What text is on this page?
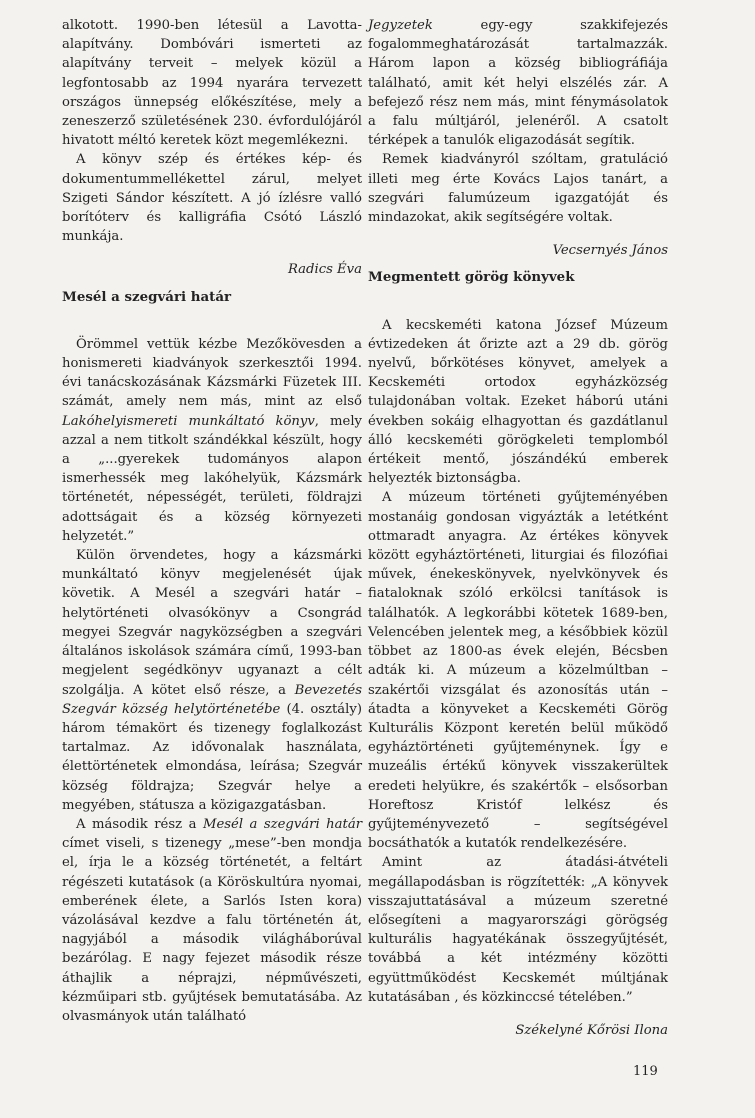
alkotott. 1990-ben létesül a Lavotta-alapítvány. Dombóvári ismerteti az alapítvány terveit – melyek közül a legfontosabb az 1994 nyarára tervezett országos ünnepség előkészítése, mely a zeneszerző születésének 230. évfordulójáról hivatott méltó keretek közt megemlékezni.

A könyv szép és értékes kép- és dokumentummellékettel zárul, melyet Szigeti Sándor készített. A jó ízlésre valló borítóterv és kalligráfia Csótó László munkája.

Radics Éva

Mesél a szegvári határ

Örömmel vettük kézbe Mezőkövesden a honismereti kiadványok szerkesztői 1994. évi tanácskozásának Kázsmárki Füzetek III. számát, amely nem más, mint az első Lakóhelyismereti munkáltató könyv, mely azzal a nem titkolt szándékkal készült, hogy a „...gyerekek tudományos alapon ismerhessék meg lakóhelyük, Kázsmárk történetét, népességét, területi, földrajzi adottságait és a község környezeti helyzetét.”

Külön örvendetes, hogy a kázsmárki munkáltató könyv megjelenését újak követik. A Mesél a szegvári határ – helytörténeti olvasókönyv a Csongrád megyei Szegvár nagyközségben a szegvári általános iskolások számára című, 1993-ban megjelent segédkönyv ugyanazt a célt szolgálja. A kötet első része, a Bevezetés Szegvár község helytörténetébe (4. osztály) három témakört és tizenegy foglalkozást tartalmaz. Az idővonalak használata, élettörténetek elmondása, leírása; Szegvár község földrajza; Szegvár helye a megyében, státusza a közigazgatásban.

A második rész a Mesél a szegvári határ címet viseli, s tizenegy „mese”-ben mondja el, írja le a község történetét, a feltárt régészeti kutatások (a Köröskultúra nyomai, emberének élete, a Sarlós Isten kora) vázolásával kezdve a falu történetén át, nagyjából a második világháborúval bezárólag. E nagy fejezet második része áthajlik a néprajzi, népművészeti, kézműipari stb. gyűjtések bemutatásába. Az olvasmányok után található

Jegyzetek egy-egy szakkifejezés fogalommeghatározását tartalmazzák. Három lapon a község bibliográfiája található, amit két helyi elszélés zár. A befejező rész nem más, mint fénymásolatok a falu múltjáról, jelenéről. A csatolt térképek a tanulók eligazodását segítik.

Remek kiadványról szóltam, gratuláció illeti meg érte Kovács Lajos tanárt, a szegvári falumúzeum igazgatóját és mindazokat, akik segítségére voltak.

Vecsernyés János

Megmentett görög könyvek

A kecskeméti katona József Múzeum évtizedeken át őrizte azt a 29 db. görög nyelvű, bőrkötéses könyvet, amelyek a Kecskeméti ortodox egyházközség tulajdonában voltak. Ezeket háború utáni években sokáig elhagyottan és gazdátlanul álló kecskeméti görögkeleti templomból értékeit mentő, jószándékú emberek helyezték biztonságba.

A múzeum történeti gyűjteményében mostanáig gondosan vigyázták a letétként ottmaradt anyagra. Az értékes könyvek között egyháztörténeti, liturgiai és filozófiai művek, énekeskönyvek, nyelvkönyvek és fiataloknak szóló erkölcsi tanítások is találhatók. A legkorábbi kötetek 1689-ben, Velencében jelentek meg, a későbbiek közül többet az 1800-as évek elején, Bécsben adták ki. A múzeum a közelmúltban – szakértői vizsgálat és azonosítás után – átadta a könyveket a Kecskeméti Görög Kulturális Központ keretén belül működő egyháztörténeti gyűjteménynek. Így e muzeális értékű könyvek visszakerültek eredeti helyükre, és szakértők – elsősorban Horeftosz Kristóf lelkész és gyűjteményvezető – segítségével bocsáthatók a kutatók rendelkezésére.

Amint az átadási-átvételi megállapodásban is rögzítették: „A könyvek visszajuttatásával a múzeum szeretné elősegíteni a magyarországi görögség kulturális hagyatékának összegyűjtését, továbbá a két intézmény közötti együttműködést Kecskemét múltjának kutatásában , és közkinccsé tételében.”

Székelyné Kőrösi Ilona

119
